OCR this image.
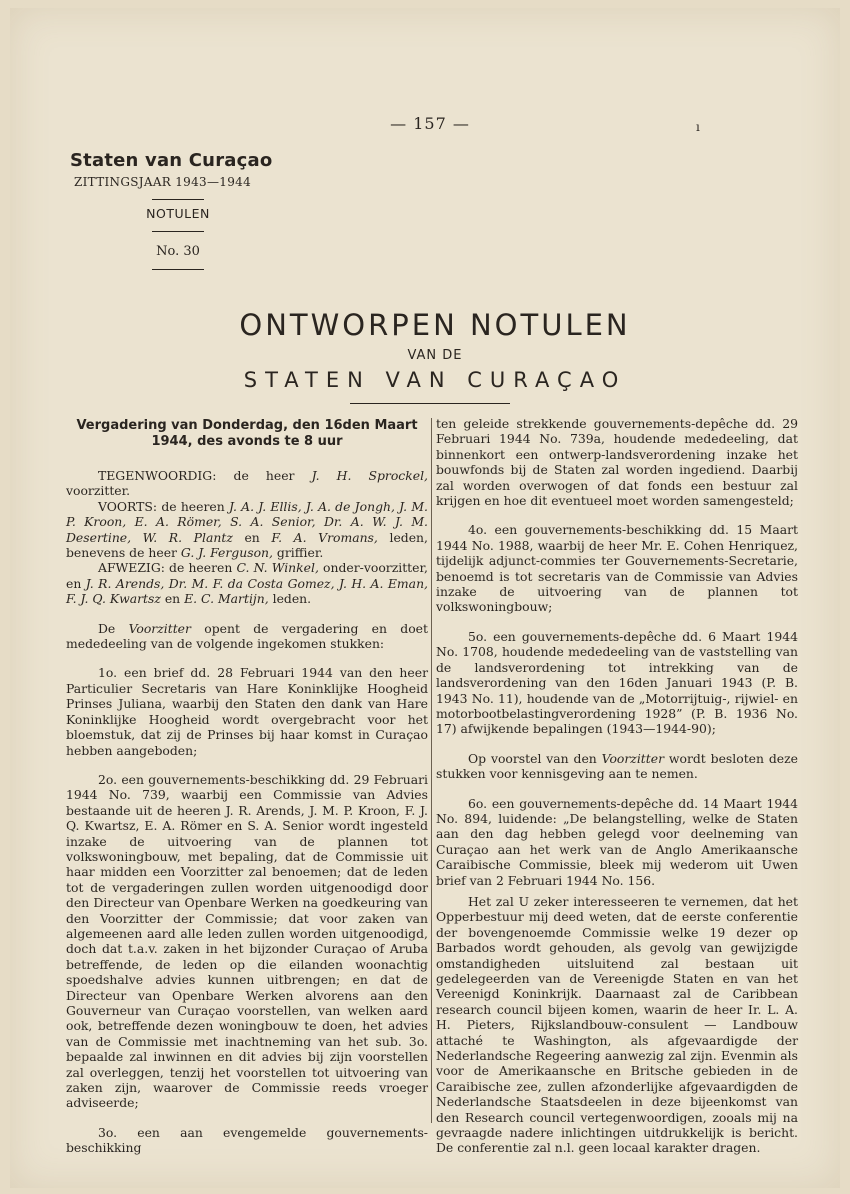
— 157 —	ı
Staten van Curaçao
ZITTINGSJAAR 1943—1944
NOTULEN
No. 30
ONTWORPEN NOTULEN
VAN DE
STATEN VAN CURAÇAO
Vergadering van Donderdag, den 16den Maart 1944, des avonds te 8 uur

TEGENWOORDIG: de heer J. H. Sprockel, voorzitter.

VOORTS: de heeren J. A. J. Ellis, J. A. de Jongh, J. M. P. Kroon, E. A. Römer, S. A. Senior, Dr. A. W. J. M. Desertine, W. R. Plantz en F. A. Vromans, leden, benevens de heer G. J. Ferguson, griffier.

AFWEZIG: de heeren C. N. Winkel, onder-voorzitter, en J. R. Arends, Dr. M. F. da Costa Gomez, J. H. A. Eman, F. J. Q. Kwartsz en E. C. Martijn, leden.

De Voorzitter opent de vergadering en doet mededeeling van de volgende ingekomen stukken:

1o. een brief dd. 28 Februari 1944 van den heer Particulier Secretaris van Hare Koninklijke Hoogheid Prinses Juliana, waarbij den Staten den dank van Hare Koninklijke Hoogheid wordt overgebracht voor het bloemstuk, dat zij de Prinses bij haar komst in Curaçao hebben aangeboden;

2o. een gouvernements-beschikking dd. 29 Februari 1944 No. 739, waarbij een Commissie van Advies bestaande uit de heeren J. R. Arends, J. M. P. Kroon, F. J. Q. Kwartsz, E. A. Römer en S. A. Senior wordt ingesteld inzake de uitvoering van de plannen tot volkswoningbouw, met bepaling, dat de Commissie uit haar midden een Voorzitter zal benoemen; dat de leden tot de vergaderingen zullen worden uitgenoodigd door den Directeur van Openbare Werken na goedkeuring van den Voorzitter der Commissie; dat voor zaken van algemeenen aard alle leden zullen worden uitgenoodigd, doch dat t.a.v. zaken in het bijzonder Curaçao of Aruba betreffende, de leden op die eilanden woonachtig spoedshalve advies kunnen uitbrengen; en dat de Directeur van Openbare Werken alvorens aan den Gouverneur van Curaçao voorstellen, van welken aard ook, betreffende dezen woningbouw te doen, het advies van de Commissie met inachtneming van het sub. 3o. bepaalde zal inwinnen en dit advies bij zijn voorstellen zal overleggen, tenzij het voorstellen tot uitvoering van zaken zijn, waarover de Commissie reeds vroeger adviseerde;

3o. een aan evengemelde gouvernements-beschikking

ten geleide strekkende gouvernements-depêche dd. 29 Februari 1944 No. 739a, houdende mededeeling, dat binnenkort een ontwerp-landsverordening inzake het bouwfonds bij de Staten zal worden ingediend. Daarbij zal worden overwogen of dat fonds een bestuur zal krijgen en hoe dit eventueel moet worden samengesteld;

4o. een gouvernements-beschikking dd. 15 Maart 1944 No. 1988, waarbij de heer Mr. E. Cohen Henriquez, tijdelijk adjunct-commies ter Gouvernements-Secretarie, benoemd is tot secretaris van de Commissie van Advies inzake de uitvoering van de plannen tot volkswoningbouw;

5o. een gouvernements-depêche dd. 6 Maart 1944 No. 1708, houdende mededeeling van de vaststelling van de landsverordening tot intrekking van de landsverordening van den 16den Januari 1943 (P. B. 1943 No. 11), houdende van de „Motorrijtuig-, rijwiel- en motorbootbelastingverordening 1928” (P. B. 1936 No. 17) afwijkende bepalingen (1943—1944-90);

Op voorstel van den Voorzitter wordt besloten deze stukken voor kennisgeving aan te nemen.

6o. een gouvernements-depêche dd. 14 Maart 1944 No. 894, luidende: „De belangstelling, welke de Staten aan den dag hebben gelegd voor deelneming van Curaçao aan het werk van de Anglo Amerikaansche Caraibische Commissie, bleek mij wederom uit Uwen brief van 2 Februari 1944 No. 156.

Het zal U zeker interesseeren te vernemen, dat het Opperbestuur mij deed weten, dat de eerste conferentie der bovengenoemde Commissie welke 19 dezer op Barbados wordt gehouden, als gevolg van gewijzigde omstandigheden uitsluitend zal bestaan uit gedelegeerden van de Vereenigde Staten en van het Vereenigd Koninkrijk. Daarnaast zal de Caribbean research council bijeen komen, waarin de heer Ir. L. A. H. Pieters, Rijkslandbouw-consulent — Landbouw attaché te Washington, als afgevaardigde der Nederlandsche Regeering aanwezig zal zijn. Evenmin als voor de Amerikaansche en Britsche gebieden in de Caraibische zee, zullen afzonderlijke afgevaardigden de Nederlandsche Staatsdeelen in deze bijeenkomst van den Research council vertegenwoordigen, zooals mij na gevraagde nadere inlichtingen uitdrukkelijk is bericht. De conferentie zal n.l. geen locaal karakter dragen.
